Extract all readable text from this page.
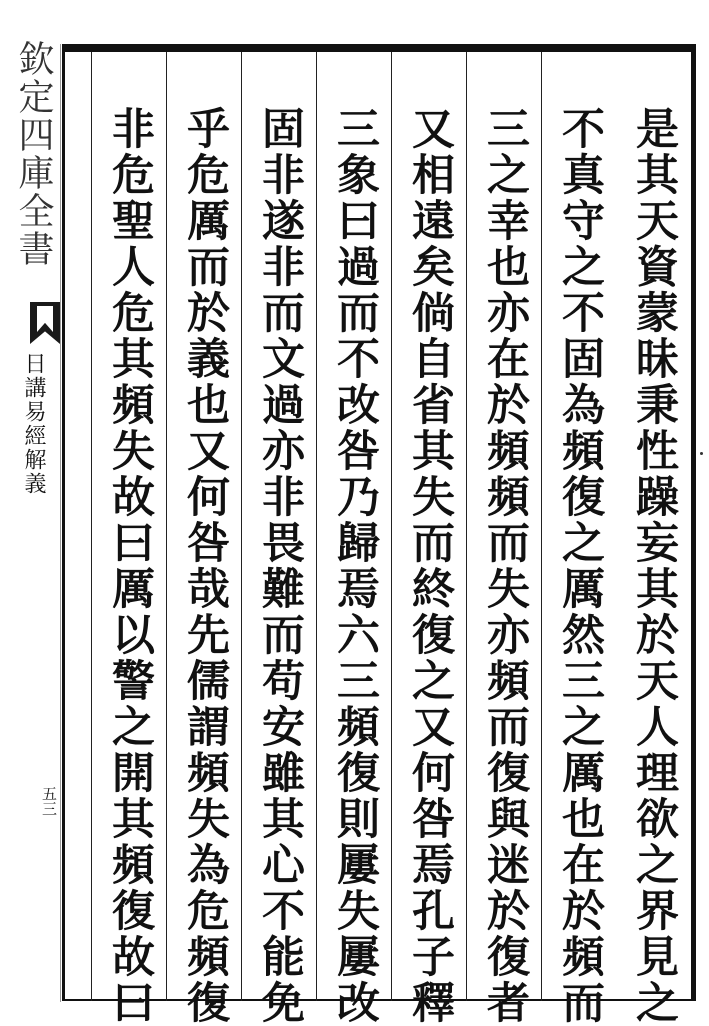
欽定四庫全書
日講易經解義
五三	是其天資蒙昧秉性躁妄其於天人理欲之界見之
不真守之不固為頻復之厲然三之厲也在於頻而
三之幸也亦在於頻頻而失亦頻而復與迷於復者
又相遠矣倘自省其失而終復之又何咎焉孔子釋
三象曰過而不改咎乃歸焉六三頻復則屢失屢改
固非遂非而文過亦非畏難而苟安雖其心不能免
乎危厲而於義也又何咎哉先儒謂頻失為危頻復
非危聖人危其頻失故曰厲以警之開其頻復故曰
